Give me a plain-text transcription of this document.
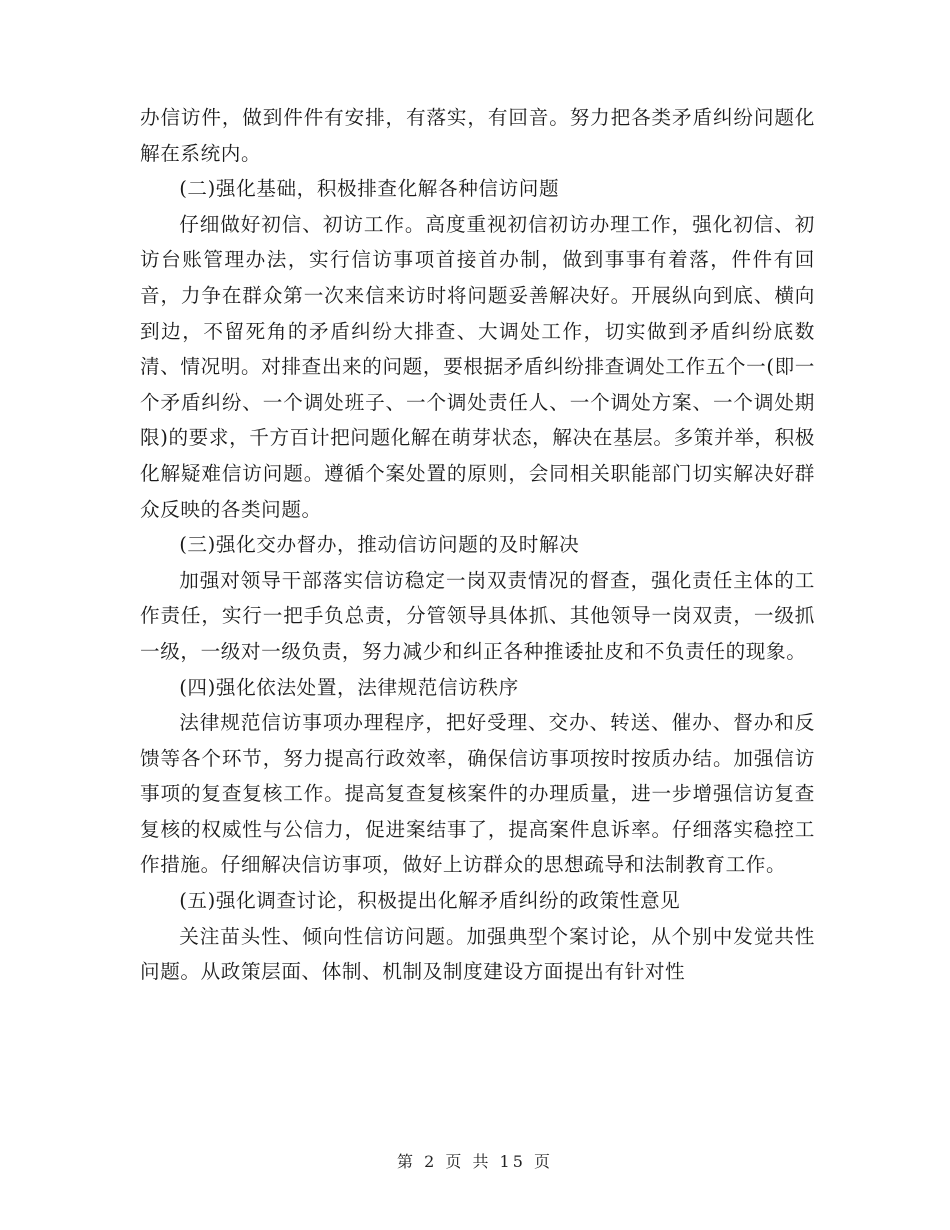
办信访件，做到件件有安排，有落实，有回音。努力把各类矛盾纠纷问题化解在系统内。

(二)强化基础，积极排查化解各种信访问题

仔细做好初信、初访工作。高度重视初信初访办理工作，强化初信、初访台账管理办法，实行信访事项首接首办制，做到事事有着落，件件有回音，力争在群众第一次来信来访时将问题妥善解决好。开展纵向到底、横向到边，不留死角的矛盾纠纷大排查、大调处工作，切实做到矛盾纠纷底数清、情况明。对排查出来的问题，要根据矛盾纠纷排查调处工作五个一(即一个矛盾纠纷、一个调处班子、一个调处责任人、一个调处方案、一个调处期限)的要求，千方百计把问题化解在萌芽状态，解决在基层。多策并举，积极化解疑难信访问题。遵循个案处置的原则，会同相关职能部门切实解决好群众反映的各类问题。

(三)强化交办督办，推动信访问题的及时解决

加强对领导干部落实信访稳定一岗双责情况的督查，强化责任主体的工作责任，实行一把手负总责，分管领导具体抓、其他领导一岗双责，一级抓一级，一级对一级负责，努力减少和纠正各种推诿扯皮和不负责任的现象。

(四)强化依法处置，法律规范信访秩序

法律规范信访事项办理程序，把好受理、交办、转送、催办、督办和反馈等各个环节，努力提高行政效率，确保信访事项按时按质办结。加强信访事项的复查复核工作。提高复查复核案件的办理质量，进一步增强信访复查复核的权威性与公信力，促进案结事了，提高案件息诉率。仔细落实稳控工作措施。仔细解决信访事项，做好上访群众的思想疏导和法制教育工作。

(五)强化调查讨论，积极提出化解矛盾纠纷的政策性意见

关注苗头性、倾向性信访问题。加强典型个案讨论，从个别中发觉共性问题。从政策层面、体制、机制及制度建设方面提出有针对性

第 2 页 共 15 页
